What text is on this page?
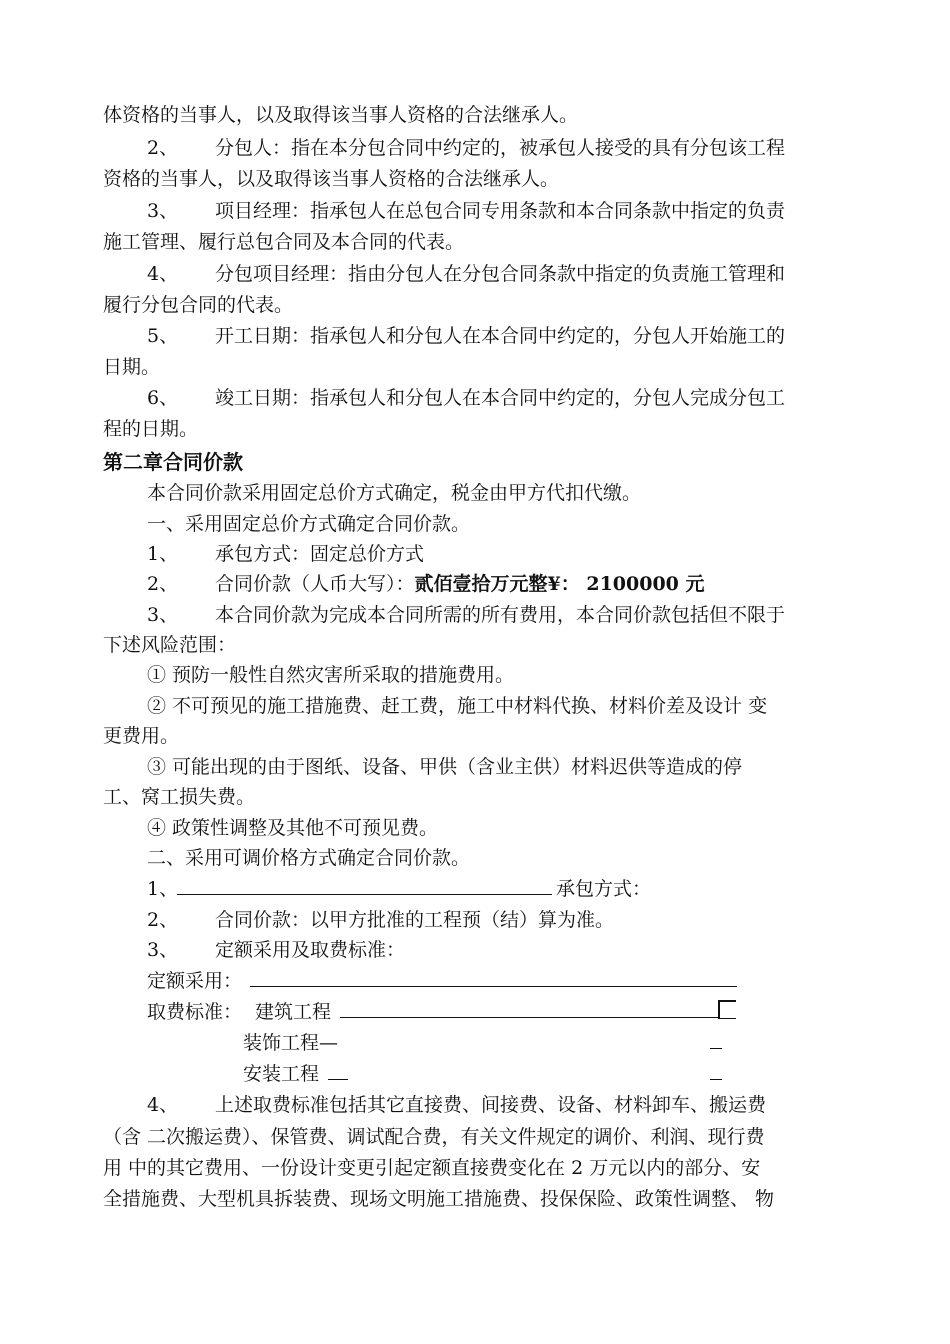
体资格的当事人，以及取得该当事人资格的合法继承人。
2、 分包人：指在本分包合同中约定的，被承包人接受的具有分包该工程
资格的当事人，以及取得该当事人资格的合法继承人。
3、 项目经理：指承包人在总包合同专用条款和本合同条款中指定的负责
施工管理、履行总包合同及本合同的代表。
4、 分包项目经理：指由分包人在分包合同条款中指定的负责施工管理和
履行分包合同的代表。
5、 开工日期：指承包人和分包人在本合同中约定的，分包人开始施工的
日期。
6、 竣工日期：指承包人和分包人在本合同中约定的，分包人完成分包工
程的日期。
第二章合同价款
本合同价款采用固定总价方式确定，税金由甲方代扣代缴。
一、采用固定总价方式确定合同价款。
1、 承包方式：固定总价方式
2、 合同价款（人币大写）：贰佰壹拾万元整¥： 2100000 元
3、 本合同价款为完成本合同所需的所有费用，本合同价款包括但不限于
下述风险范围：
① 预防一般性自然灾害所采取的措施费用。
② 不可预见的施工措施费、赶工费，施工中材料代换、材料价差及设计 变
更费用。
③ 可能出现的由于图纸、设备、甲供（含业主供）材料迟供等造成的停
工、窝工损失费。
④ 政策性调整及其他不可预见费。
二、采用可调价格方式确定合同价款。
1、	承包方式：
2、 合同价款：以甲方批准的工程预（结）算为准。
3、 定额采用及取费标准：
定额采用：
取费标准： 建筑工程
装饰工程—
安装工程
4、 上述取费标准包括其它直接费、间接费、设备、材料卸车、搬运费
（含 二次搬运费）、保管费、调试配合费，有关文件规定的调价、利润、现行费
用 中的其它费用、一份设计变更引起定额直接费变化在 2 万元以内的部分、安
全措施费、大型机具拆装费、现场文明施工措施费、投保保险、政策性调整、 物
